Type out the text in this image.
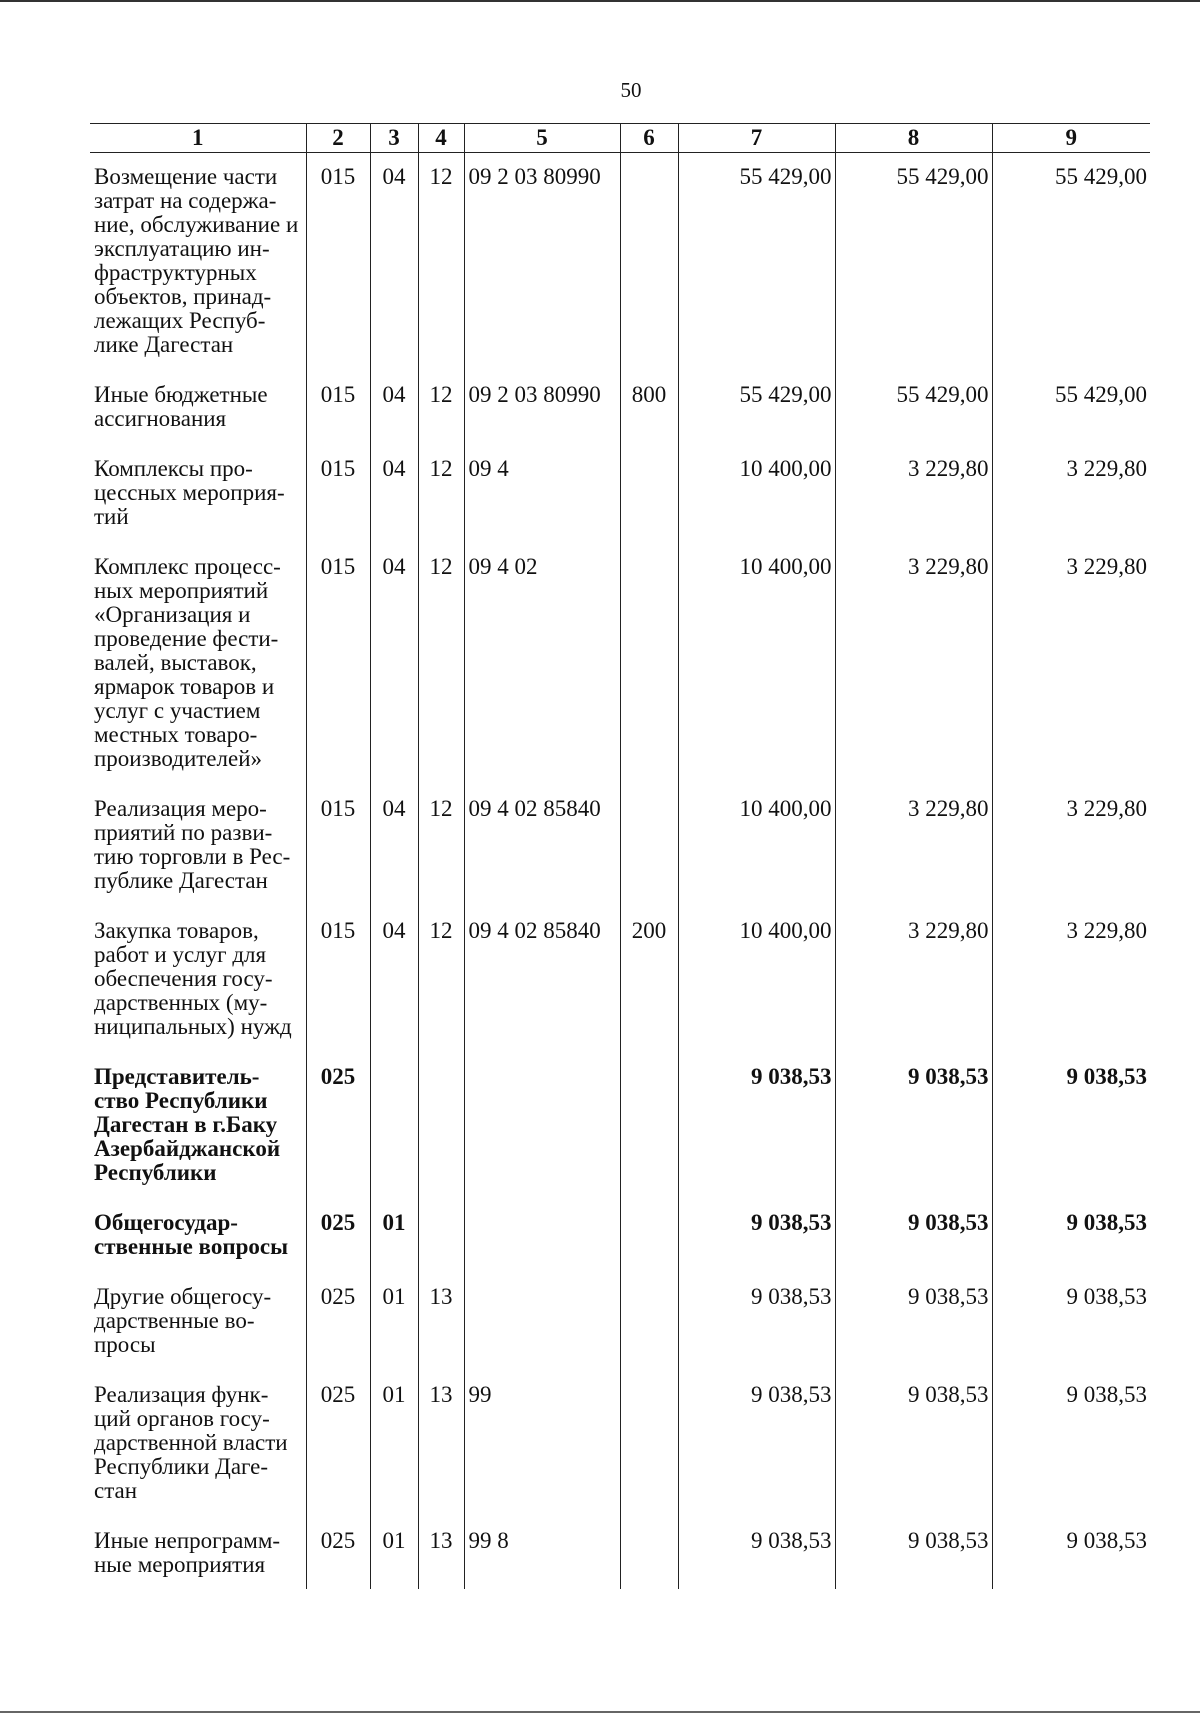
50
1	2	3	4	5	6	7	8	9
Возмещение части затрат на содержа-ние, обслуживание и эксплуатацию ин-фраструктурных объектов, принад-лежащих Респуб-лике Дагестан	015	04	12	09 2 03 80990		55 429,00	55 429,00	55 429,00
Иные бюджетные ассигнования	015	04	12	09 2 03 80990	800	55 429,00	55 429,00	55 429,00
Комплексы про-цессных мероприя-тий	015	04	12	09 4		10 400,00	3 229,80	3 229,80
Комплекс процесс-ных мероприятий «Организация и проведение фести-валей, выставок, ярмарок товаров и услуг с участием местных товаро-производителей»	015	04	12	09 4 02		10 400,00	3 229,80	3 229,80
Реализация меро-приятий по разви-тию торговли в Рес-публике Дагестан	015	04	12	09 4 02 85840		10 400,00	3 229,80	3 229,80
Закупка товаров, работ и услуг для обеспечения госу-дарственных (му-ниципальных) нужд	015	04	12	09 4 02 85840	200	10 400,00	3 229,80	3 229,80
Представитель-ство Республики Дагестан в г.Баку Азербайджанской Республики	025					9 038,53	9 038,53	9 038,53
Общегосудар-ственные вопросы	025	01				9 038,53	9 038,53	9 038,53
Другие общегосу-дарственные во-просы	025	01	13			9 038,53	9 038,53	9 038,53
Реализация функ-ций органов госу-дарственной власти Республики Даге-стан	025	01	13	99		9 038,53	9 038,53	9 038,53
Иные непрограмм-ные мероприятия	025	01	13	99 8		9 038,53	9 038,53	9 038,53
